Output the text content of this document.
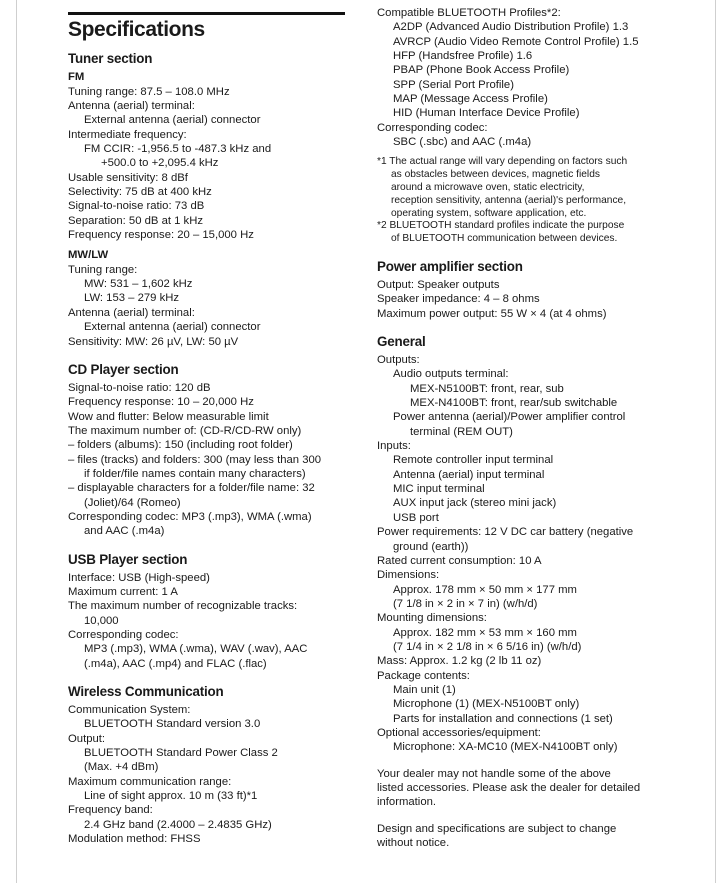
Specifications
Tuner section
FM
Tuning range: 87.5 – 108.0 MHz
Antenna (aerial) terminal:
External antenna (aerial) connector
Intermediate frequency:
FM CCIR: -1,956.5 to -487.3 kHz and
+500.0 to +2,095.4 kHz
Usable sensitivity: 8 dBf
Selectivity: 75 dB at 400 kHz
Signal-to-noise ratio: 73 dB
Separation: 50 dB at 1 kHz
Frequency response: 20 – 15,000 Hz
MW/LW
Tuning range:
MW: 531 – 1,602 kHz
LW: 153 – 279 kHz
Antenna (aerial) terminal:
External antenna (aerial) connector
Sensitivity: MW: 26 µV, LW: 50 µV
CD Player section
Signal-to-noise ratio: 120 dB
Frequency response: 10 – 20,000 Hz
Wow and flutter: Below measurable limit
The maximum number of: (CD-R/CD-RW only)
– folders (albums): 150 (including root folder)
– files (tracks) and folders: 300 (may less than 300
if folder/file names contain many characters)
– displayable characters for a folder/file name: 32
(Joliet)/64 (Romeo)
Corresponding codec: MP3 (.mp3), WMA (.wma)
and AAC (.m4a)
USB Player section
Interface: USB (High-speed)
Maximum current: 1 A
The maximum number of recognizable tracks:
10,000
Corresponding codec:
MP3 (.mp3), WMA (.wma), WAV (.wav), AAC
(.m4a), AAC (.mp4) and FLAC (.flac)
Wireless Communication
Communication System:
BLUETOOTH Standard version 3.0
Output:
BLUETOOTH Standard Power Class 2
(Max. +4 dBm)
Maximum communication range:
Line of sight approx. 10 m (33 ft)*1
Frequency band:
2.4 GHz band (2.4000 – 2.4835 GHz)
Modulation method: FHSS
Compatible BLUETOOTH Profiles*2:
A2DP (Advanced Audio Distribution Profile) 1.3
AVRCP (Audio Video Remote Control Profile) 1.5
HFP (Handsfree Profile) 1.6
PBAP (Phone Book Access Profile)
SPP (Serial Port Profile)
MAP (Message Access Profile)
HID (Human Interface Device Profile)
Corresponding codec:
SBC (.sbc) and AAC (.m4a)
*1 The actual range will vary depending on factors such
as obstacles between devices, magnetic fields
around a microwave oven, static electricity,
reception sensitivity, antenna (aerial)'s performance,
operating system, software application, etc.
*2 BLUETOOTH standard profiles indicate the purpose
of BLUETOOTH communication between devices.
Power amplifier section
Output: Speaker outputs
Speaker impedance: 4 – 8 ohms
Maximum power output: 55 W × 4 (at 4 ohms)
General
Outputs:
Audio outputs terminal:
MEX-N5100BT: front, rear, sub
MEX-N4100BT: front, rear/sub switchable
Power antenna (aerial)/Power amplifier control
terminal (REM OUT)
Inputs:
Remote controller input terminal
Antenna (aerial) input terminal
MIC input terminal
AUX input jack (stereo mini jack)
USB port
Power requirements: 12 V DC car battery (negative
ground (earth))
Rated current consumption: 10 A
Dimensions:
Approx. 178 mm × 50 mm × 177 mm
(7 1/8 in × 2 in × 7 in) (w/h/d)
Mounting dimensions:
Approx. 182 mm × 53 mm × 160 mm
(7 1/4 in × 2 1/8 in × 6 5/16 in) (w/h/d)
Mass: Approx. 1.2 kg (2 lb 11 oz)
Package contents:
Main unit (1)
Microphone (1) (MEX-N5100BT only)
Parts for installation and connections (1 set)
Optional accessories/equipment:
Microphone: XA-MC10 (MEX-N4100BT only)
Your dealer may not handle some of the above
listed accessories. Please ask the dealer for detailed
information.
Design and specifications are subject to change
without notice.
